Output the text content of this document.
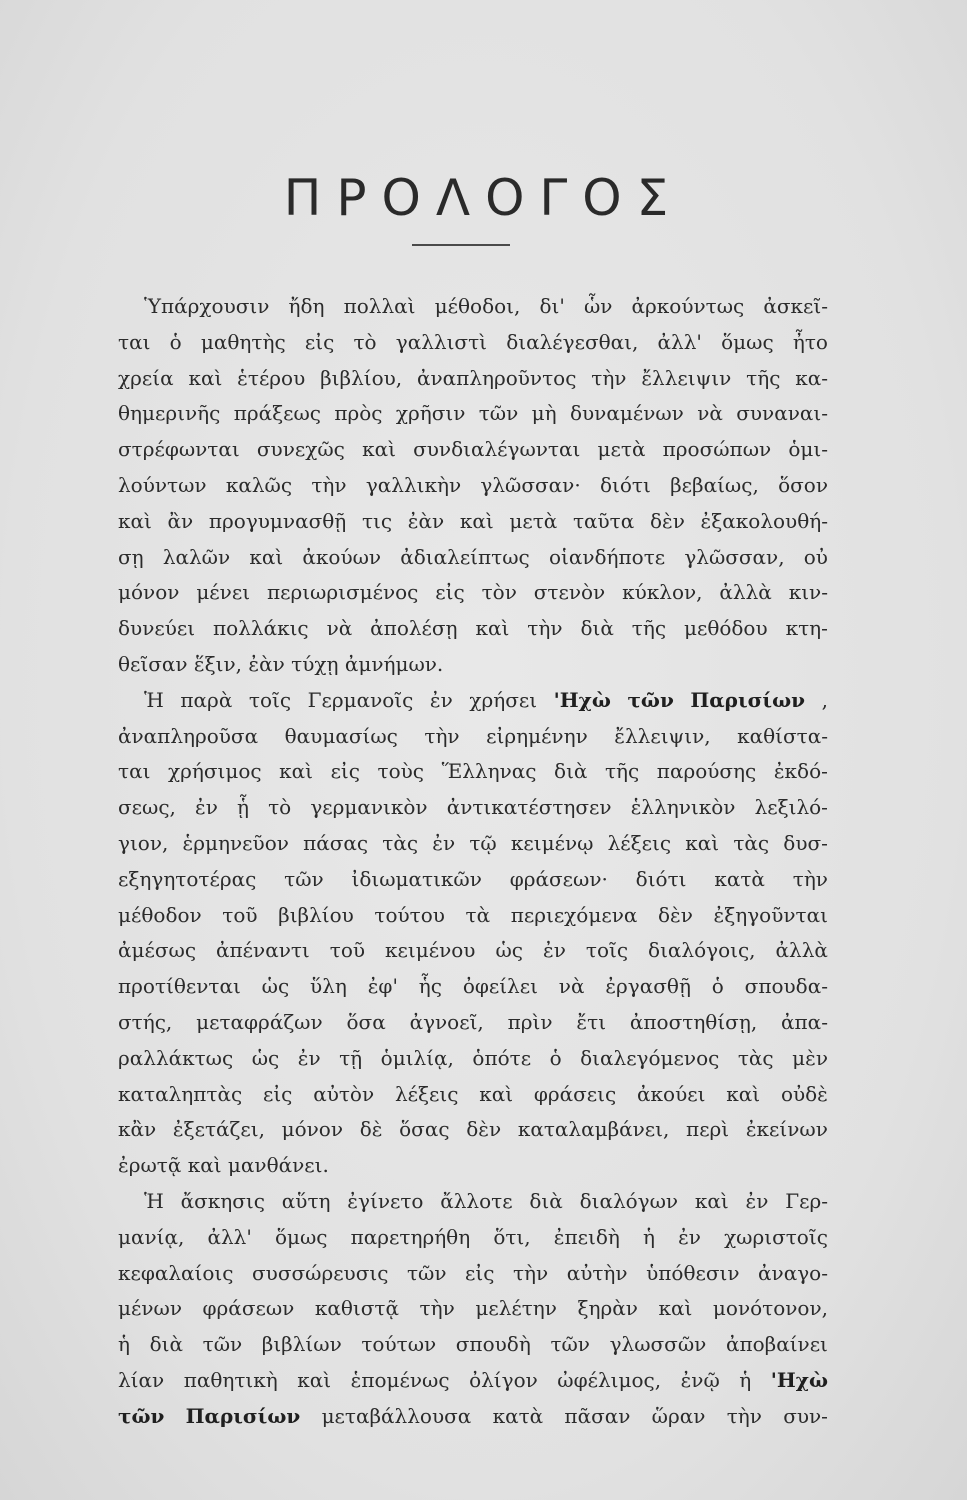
ΠΡΟΛΟΓΟΣ
Ὑπάρχουσιν ἤδη πολλαὶ μέθοδοι, δι' ὧν ἀρκούντως ἀσκεῖ-
ται ὁ μαθητὴς εἰς τὸ γαλλιστὶ διαλέγεσθαι, ἀλλ' ὅμως ἦτο
χρεία καὶ ἑτέρου βιβλίου, ἀναπληροῦντος τὴν ἔλλειψιν τῆς κα-
θημερινῆς πράξεως πρὸς χρῆσιν τῶν μὴ δυναμένων νὰ συναναι-
στρέφωνται συνεχῶς καὶ συνδιαλέγωνται μετὰ προσώπων ὁμι-
λούντων καλῶς τὴν γαλλικὴν γλῶσσαν· διότι βεβαίως, ὅσον
καὶ ἂν προγυμνασθῇ τις ἐὰν καὶ μετὰ ταῦτα δὲν ἐξακολουθή-
σῃ λαλῶν καὶ ἀκούων ἀδιαλείπτως οἱανδήποτε γλῶσσαν, οὐ
μόνον μένει περιωρισμένος εἰς τὸν στενὸν κύκλον, ἀλλὰ κιν-
δυνεύει πολλάκις νὰ ἀπολέσῃ καὶ τὴν διὰ τῆς μεθόδου κτη-
θεῖσαν ἕξιν, ἐὰν τύχῃ ἀμνήμων.
Ἡ παρὰ τοῖς Γερμανοῖς ἐν χρήσει 'Ηχὼ τῶν Παρισίων ,
ἀναπληροῦσα θαυμασίως τὴν εἰρημένην ἔλλειψιν, καθίστα-
ται χρήσιμος καὶ εἰς τοὺς Ἕλληνας διὰ τῆς παρούσης ἐκδό-
σεως, ἐν ᾗ τὸ γερμανικὸν ἀντικατέστησεν ἑλληνικὸν λεξιλό-
γιον, ἑρμηνεῦον πάσας τὰς ἐν τῷ κειμένῳ λέξεις καὶ τὰς δυσ-
εξηγητοτέρας τῶν ἰδιωματικῶν φράσεων· διότι κατὰ τὴν
μέθοδον τοῦ βιβλίου τούτου τὰ περιεχόμενα δὲν ἐξηγοῦνται
ἀμέσως ἀπέναντι τοῦ κειμένου ὡς ἐν τοῖς διαλόγοις, ἀλλὰ
προτίθενται ὡς ὕλη ἐφ' ἧς ὀφείλει νὰ ἐργασθῇ ὁ σπουδα-
στής, μεταφράζων ὅσα ἀγνοεῖ, πρὶν ἔτι ἀποστηθίσῃ, ἀπα-
ραλλάκτως ὡς ἐν τῇ ὁμιλίᾳ, ὁπότε ὁ διαλεγόμενος τὰς μὲν
καταληπτὰς εἰς αὐτὸν λέξεις καὶ φράσεις ἀκούει καὶ οὐδὲ
κἂν ἐξετάζει, μόνον δὲ ὅσας δὲν καταλαμβάνει, περὶ ἐκείνων
ἐρωτᾷ καὶ μανθάνει.
Ἡ ἄσκησις αὕτη ἐγίνετο ἄλλοτε διὰ διαλόγων καὶ ἐν Γερ-
μανίᾳ, ἀλλ' ὅμως παρετηρήθη ὅτι, ἐπειδὴ ἡ ἐν χωριστοῖς
κεφαλαίοις συσσώρευσις τῶν εἰς τὴν αὐτὴν ὑπόθεσιν ἀναγο-
μένων φράσεων καθιστᾷ τὴν μελέτην ξηρὰν καὶ μονότονον,
ἡ διὰ τῶν βιβλίων τούτων σπουδὴ τῶν γλωσσῶν ἀποβαίνει
λίαν παθητικὴ καὶ ἑπομένως ὀλίγον ὠφέλιμος, ἐνῷ ἡ 'Ηχὼ
τῶν Παρισίων μεταβάλλουσα κατὰ πᾶσαν ὥραν τὴν συν-
